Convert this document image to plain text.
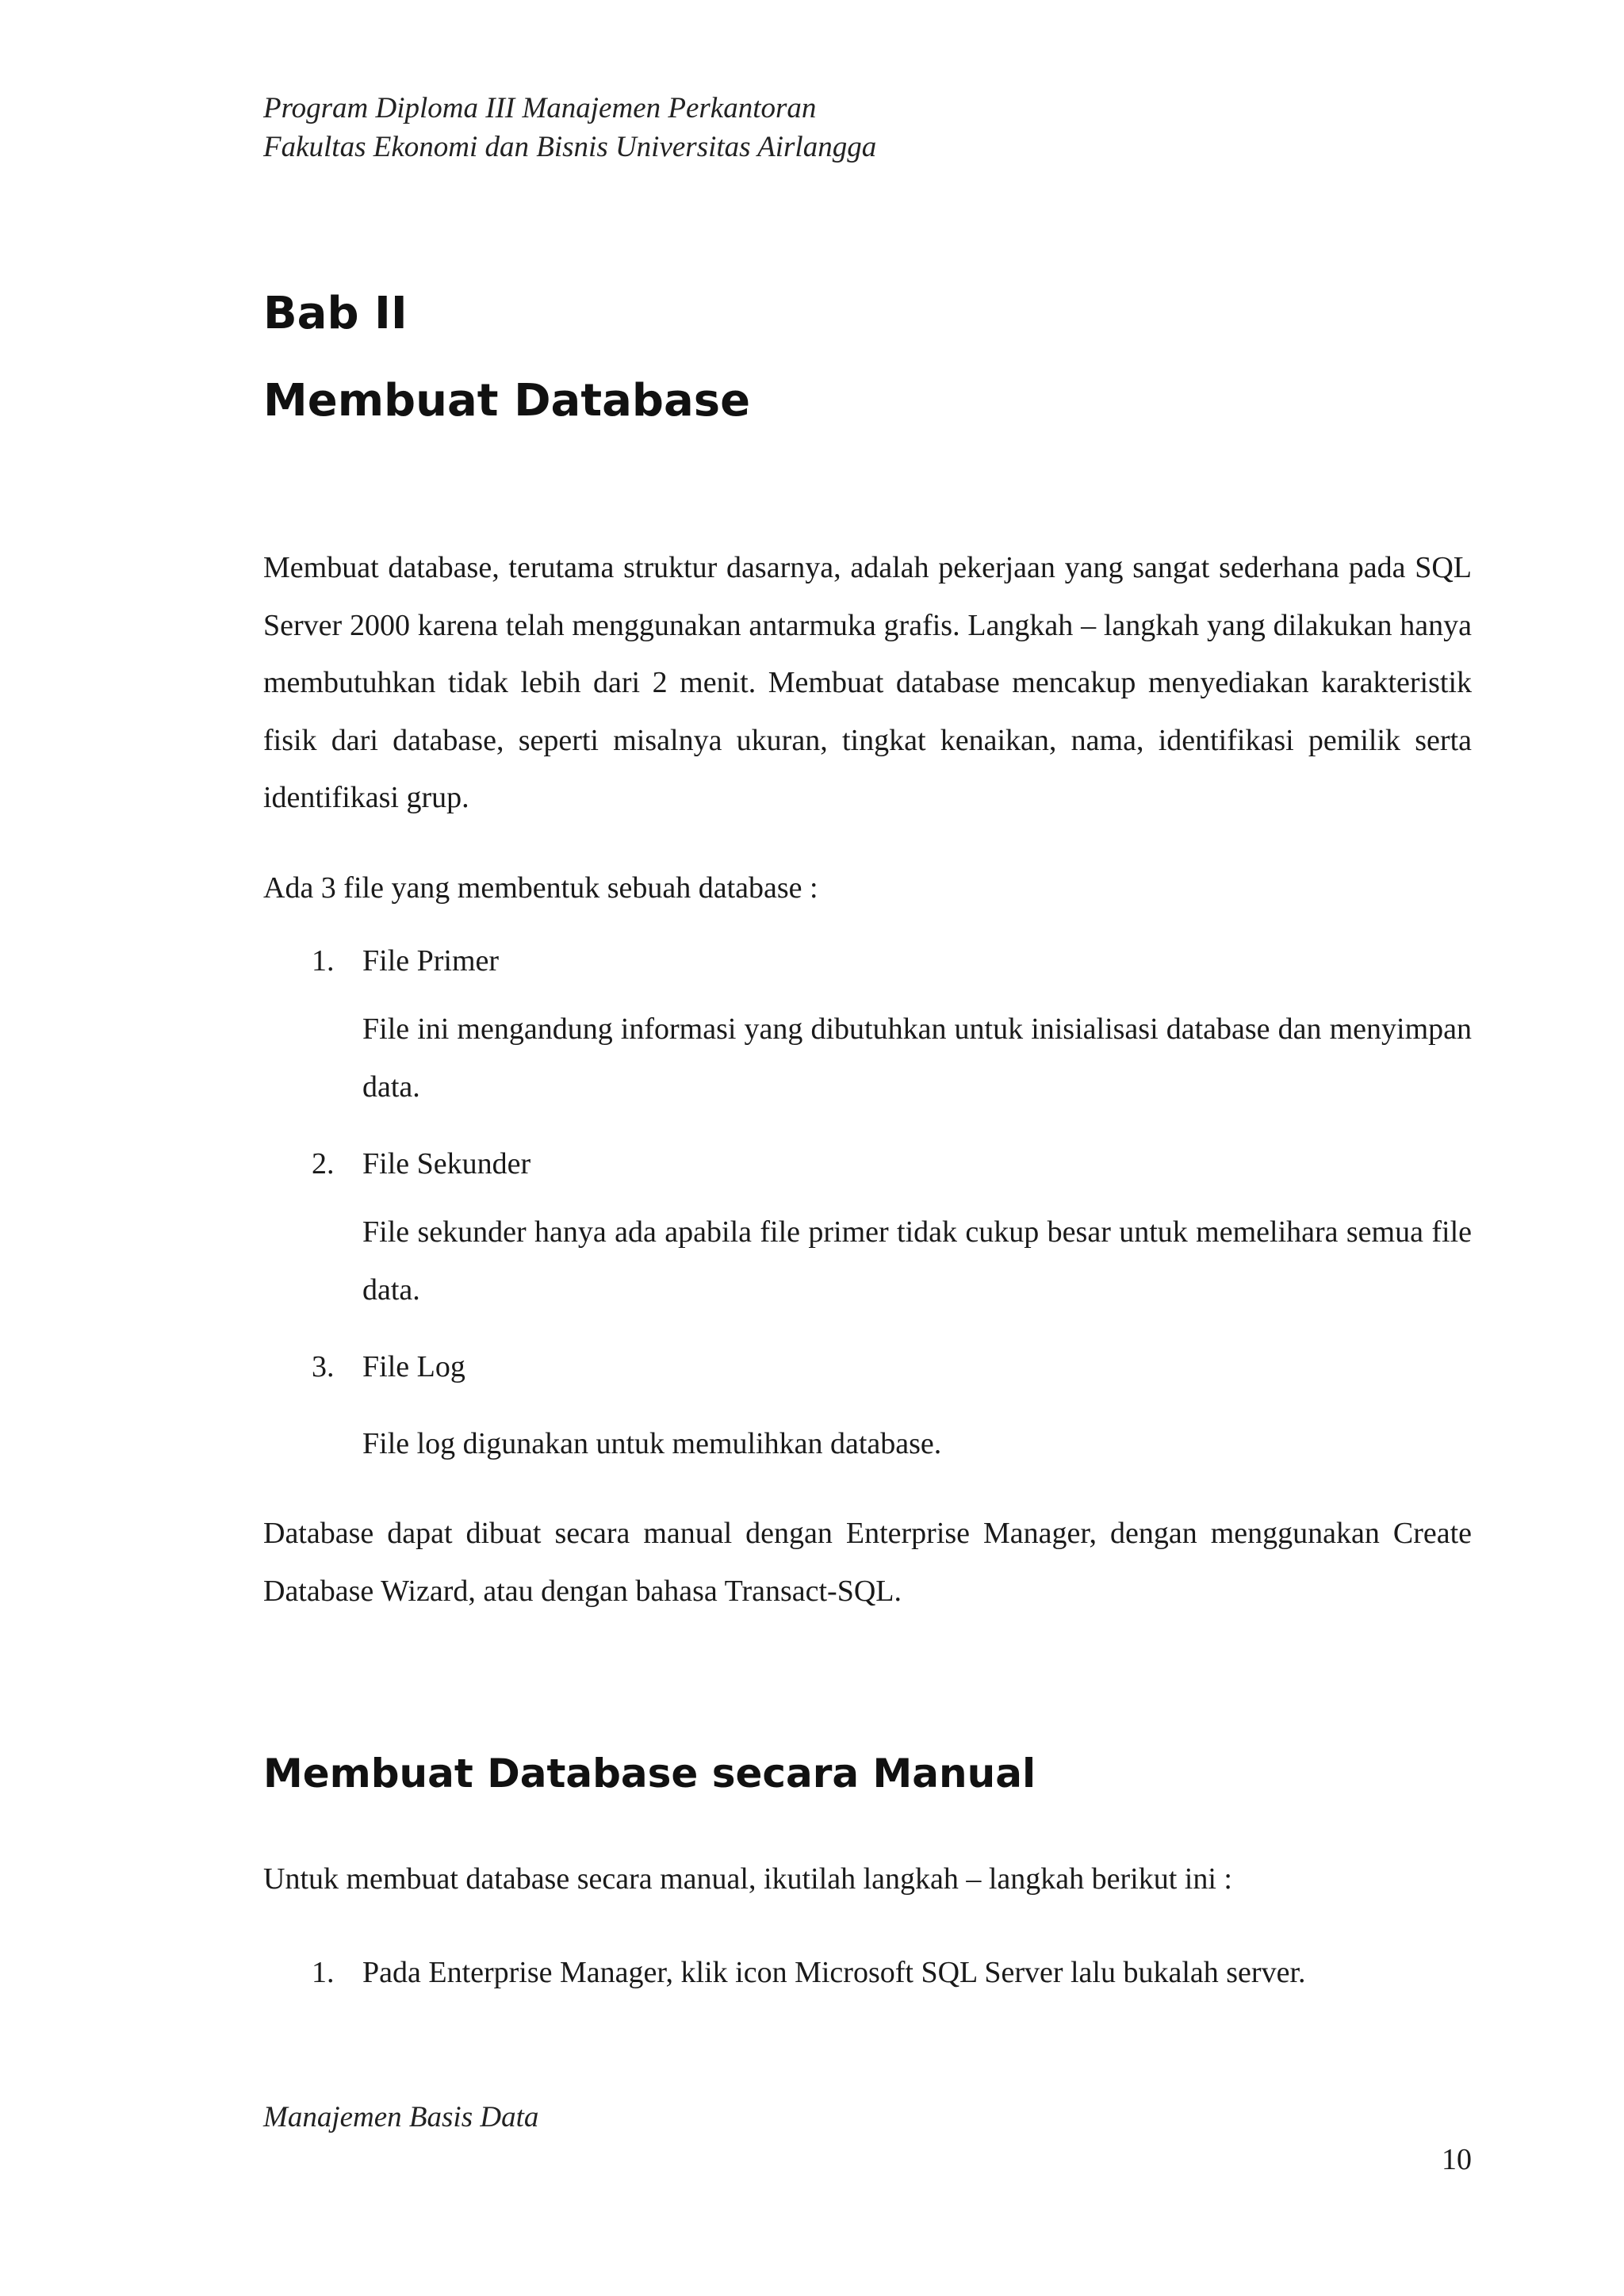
Program Diploma III Manajemen Perkantoran
Fakultas Ekonomi dan Bisnis Universitas Airlangga
Bab II
Membuat Database

Membuat database, terutama struktur dasarnya, adalah pekerjaan yang sangat sederhana pada SQL Server 2000 karena telah menggunakan antarmuka grafis. Langkah – langkah yang dilakukan hanya membutuhkan tidak lebih dari 2 menit. Membuat database mencakup menyediakan karakteristik fisik dari database, seperti misalnya ukuran, tingkat kenaikan, nama, identifikasi pemilik serta identifikasi grup.

Ada 3 file yang membentuk sebuah database :

1. File Primer

File ini mengandung informasi yang dibutuhkan untuk inisialisasi database dan menyimpan data.

2. File Sekunder

File sekunder hanya ada apabila file primer tidak cukup besar untuk memelihara semua file data.

3. File Log

File log digunakan untuk memulihkan database.

Database dapat dibuat secara manual dengan Enterprise Manager, dengan menggunakan Create Database Wizard, atau dengan bahasa Transact-SQL.

Membuat Database secara Manual

Untuk membuat database secara manual, ikutilah langkah – langkah berikut ini :

1. Pada Enterprise Manager, klik icon Microsoft SQL Server lalu bukalah server.
Manajemen Basis Data
10
